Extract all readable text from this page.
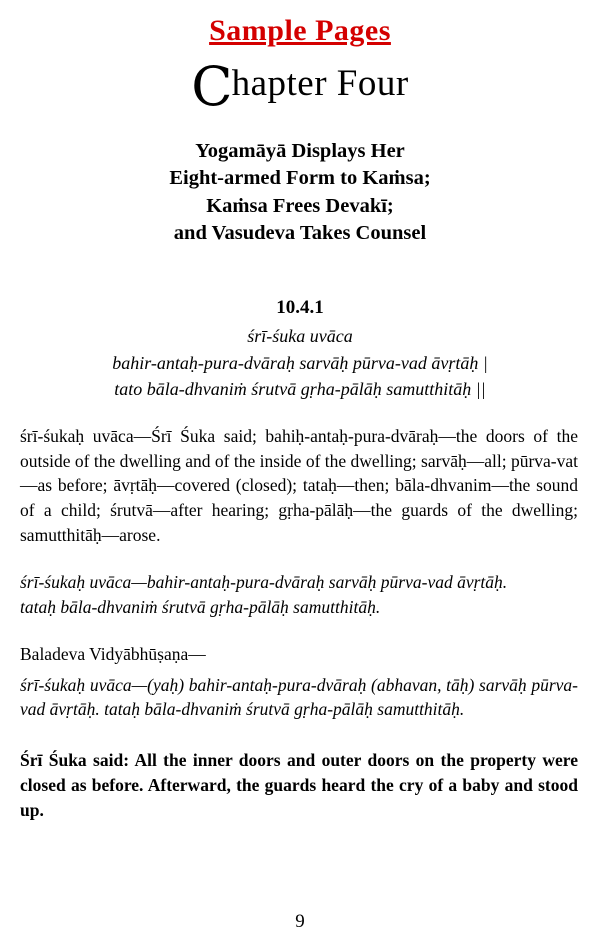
Sample Pages
Chapter Four
Yogamāyā Displays Her
Eight-armed Form to Kaṁsa;
Kaṁsa Frees Devakī;
and Vasudeva Takes Counsel
10.4.1
śrī-śuka uvāca
bahir-antaḥ-pura-dvāraḥ sarvāḥ pūrva-vad āvṛtāḥ |
tato bāla-dhvaniṁ śrutvā gṛha-pālāḥ samutthitāḥ ||

śrī-śukaḥ uvāca—Śrī Śuka said; bahiḥ-antaḥ-pura-dvāraḥ—the doors of the outside of the dwelling and of the inside of the dwelling; sarvāḥ—all; pūrva-vat—as before; āvṛtāḥ—covered (closed); tataḥ—then; bāla-dhvanim—the sound of a child; śrutvā—after hearing; gṛha-pālāḥ—the guards of the dwelling; samutthitāḥ—arose.

śrī-śukaḥ uvāca—bahir-antaḥ-pura-dvāraḥ sarvāḥ pūrva-vad āvṛtāḥ.
tataḥ bāla-dhvaniṁ śrutvā gṛha-pālāḥ samutthitāḥ.
Baladeva Vidyābhūṣaṇa—
śrī-śukaḥ uvāca—(yaḥ) bahir-antaḥ-pura-dvāraḥ (abhavan, tāḥ) sarvāḥ pūrva-vad āvṛtāḥ. tataḥ bāla-dhvaniṁ śrutvā gṛha-pālāḥ samutthitāḥ.
Śrī Śuka said: All the inner doors and outer doors on the property were closed as before. Afterward, the guards heard the cry of a baby and stood up.
9
